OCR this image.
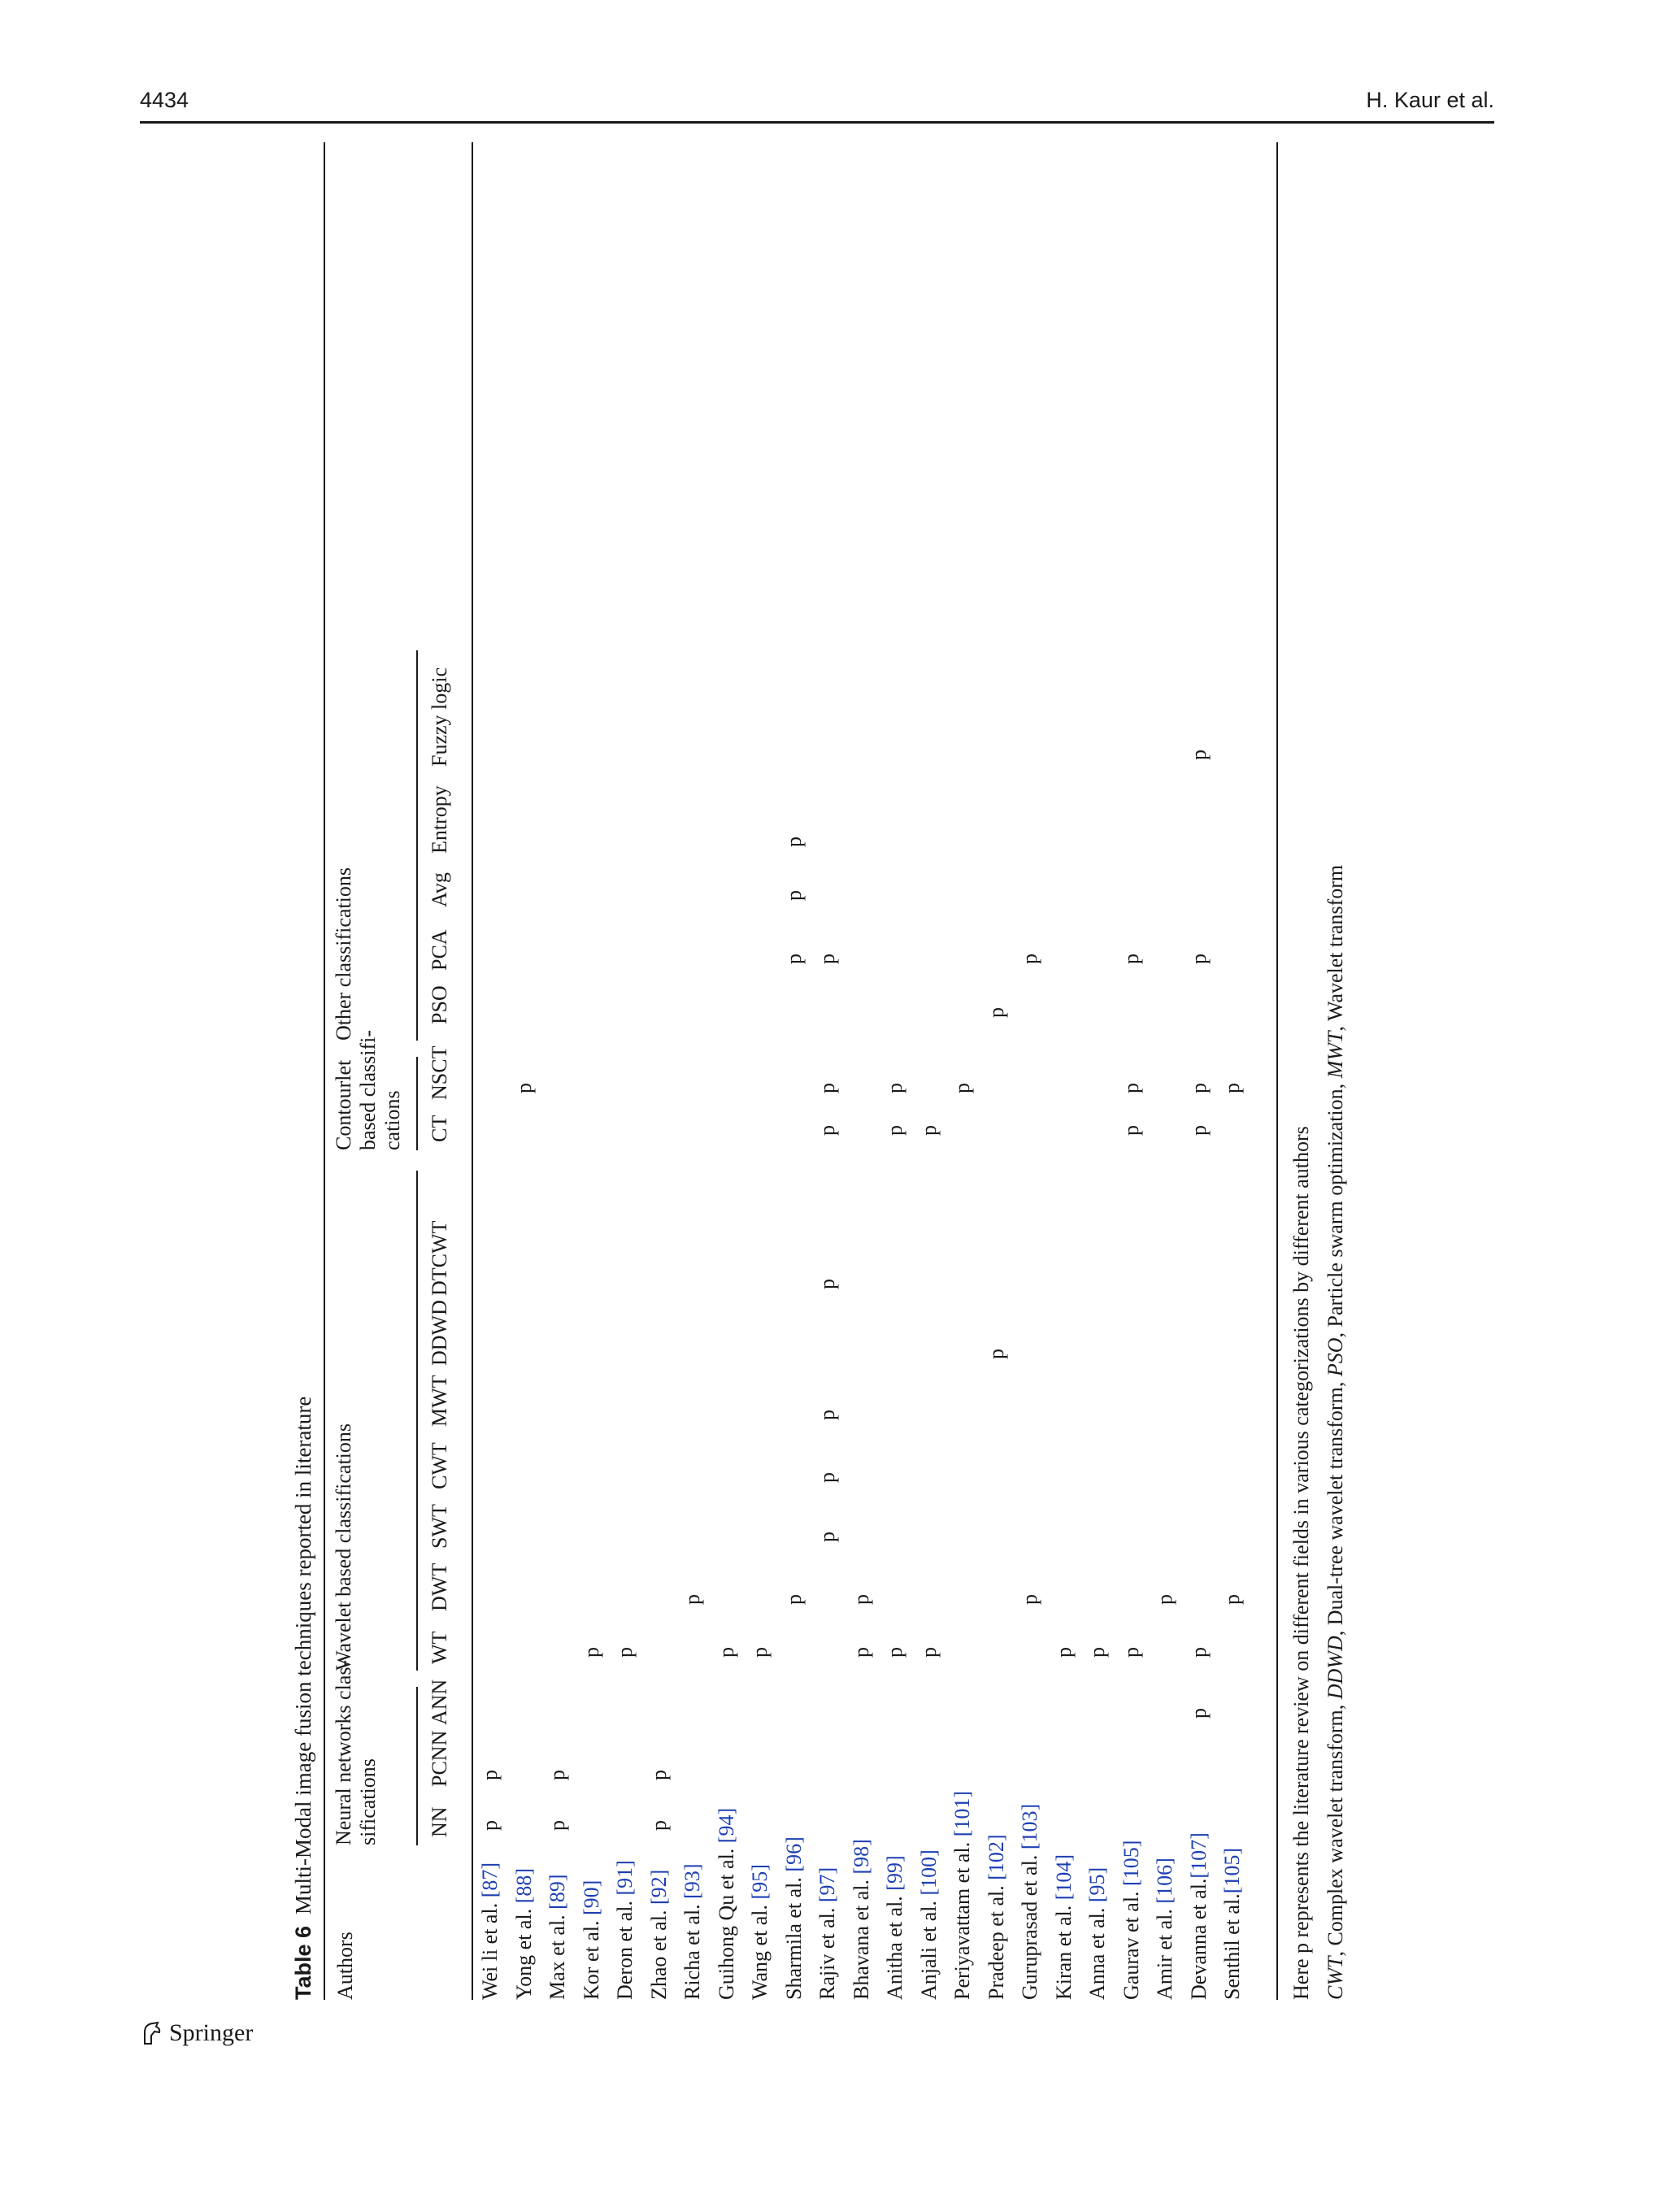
4434	H. Kaur et al.
Springer
Table 6Multi-Modal image fusion techniques reported in literature
Authors
Neural networks clas- sifications
Wavelet based classifications
Contourlet based classifi- cations
Other classifications
NN
PCNN
ANN
WT
DWT
SWT
CWT
MWT
DDWD
DTCWT
CT
NSCT
PSO
PCA
Avg
Entropy
Fuzzy logic
Wei li et al. [87]
p
p
Yong et al. [88]
p
Max et al. [89]
p
p
Kor et al. [90]
p
Deron et al. [91]
p
Zhao et al. [92]
p
p
Richa et al. [93]
p
Guihong Qu et al. [94]
p
Wang et al. [95]
p
Sharmila et al. [96]
p
p
p
p
Rajiv et al. [97]
p
p
p
p
p
p
p
Bhavana et al. [98]
p
p
Anitha et al. [99]
p
p
p
Anjali et al. [100]
p
p
Periyavattam et al. [101]
p
Pradeep et al. [102]
p
p
Guruprasad et al. [103]
p
p
Kiran et al. [104]
p
Anna et al. [95]
p
Gaurav et al. [105]
p
p
p
p
Amir et al. [106]
p
Devanna et al.[107]
p
p
p
p
p
p
Senthil et al.[105]
p
p
Here p represents the literature review on different fields in various categorizations by different authors CWT, Complex wavelet transform, DDWD, Dual-tree wavelet transform, PSO, Particle swarm optimization, MWT, Wavelet transform
